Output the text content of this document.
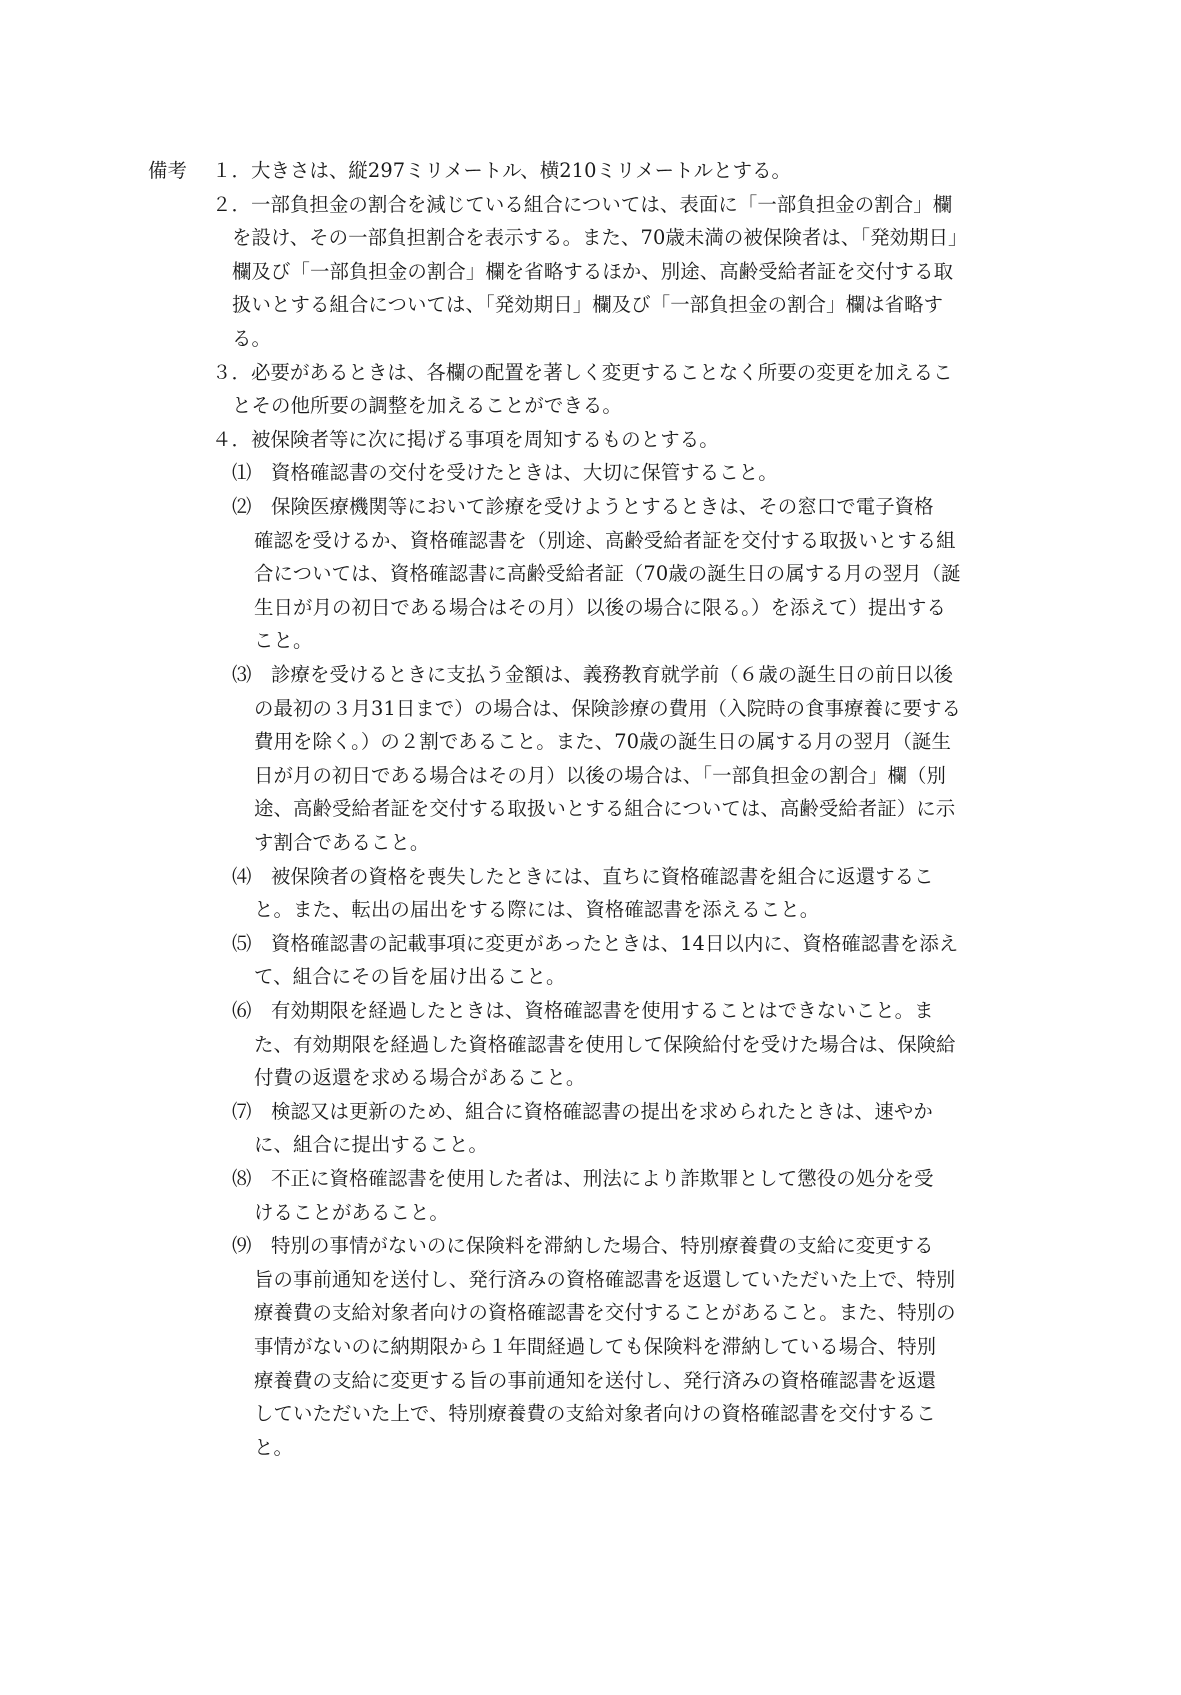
備考	１．大きさは、縦297ミリメートル、横210ミリメートルとする。
２．一部負担金の割合を減じている組合については、表面に「一部負担金の割合」欄
を設け、その一部負担割合を表示する。また、70歳未満の被保険者は、「発効期日」
欄及び「一部負担金の割合」欄を省略するほか、別途、高齢受給者証を交付する取
扱いとする組合については、「発効期日」欄及び「一部負担金の割合」欄は省略す
る。
３．必要があるときは、各欄の配置を著しく変更することなく所要の変更を加えるこ
とその他所要の調整を加えることができる。
４．被保険者等に次に掲げる事項を周知するものとする。
⑴　資格確認書の交付を受けたときは、大切に保管すること。
⑵　保険医療機関等において診療を受けようとするときは、その窓口で電子資格
確認を受けるか、資格確認書を（別途、高齢受給者証を交付する取扱いとする組
合については、資格確認書に高齢受給者証（70歳の誕生日の属する月の翌月（誕
生日が月の初日である場合はその月）以後の場合に限る。）を添えて）提出する
こと。
⑶　診療を受けるときに支払う金額は、義務教育就学前（６歳の誕生日の前日以後
の最初の３月31日まで）の場合は、保険診療の費用（入院時の食事療養に要する
費用を除く。）の２割であること。また、70歳の誕生日の属する月の翌月（誕生
日が月の初日である場合はその月）以後の場合は、「一部負担金の割合」欄（別
途、高齢受給者証を交付する取扱いとする組合については、高齢受給者証）に示
す割合であること。
⑷　被保険者の資格を喪失したときには、直ちに資格確認書を組合に返還するこ
と。また、転出の届出をする際には、資格確認書を添えること。
⑸　資格確認書の記載事項に変更があったときは、14日以内に、資格確認書を添え
て、組合にその旨を届け出ること。
⑹　有効期限を経過したときは、資格確認書を使用することはできないこと。ま
た、有効期限を経過した資格確認書を使用して保険給付を受けた場合は、保険給
付費の返還を求める場合があること。
⑺　検認又は更新のため、組合に資格確認書の提出を求められたときは、速やか
に、組合に提出すること。
⑻　不正に資格確認書を使用した者は、刑法により詐欺罪として懲役の処分を受
けることがあること。
⑼　特別の事情がないのに保険料を滞納した場合、特別療養費の支給に変更する
旨の事前通知を送付し、発行済みの資格確認書を返還していただいた上で、特別
療養費の支給対象者向けの資格確認書を交付することがあること。また、特別の
事情がないのに納期限から１年間経過しても保険料を滞納している場合、特別
療養費の支給に変更する旨の事前通知を送付し、発行済みの資格確認書を返還
していただいた上で、特別療養費の支給対象者向けの資格確認書を交付するこ
と。
